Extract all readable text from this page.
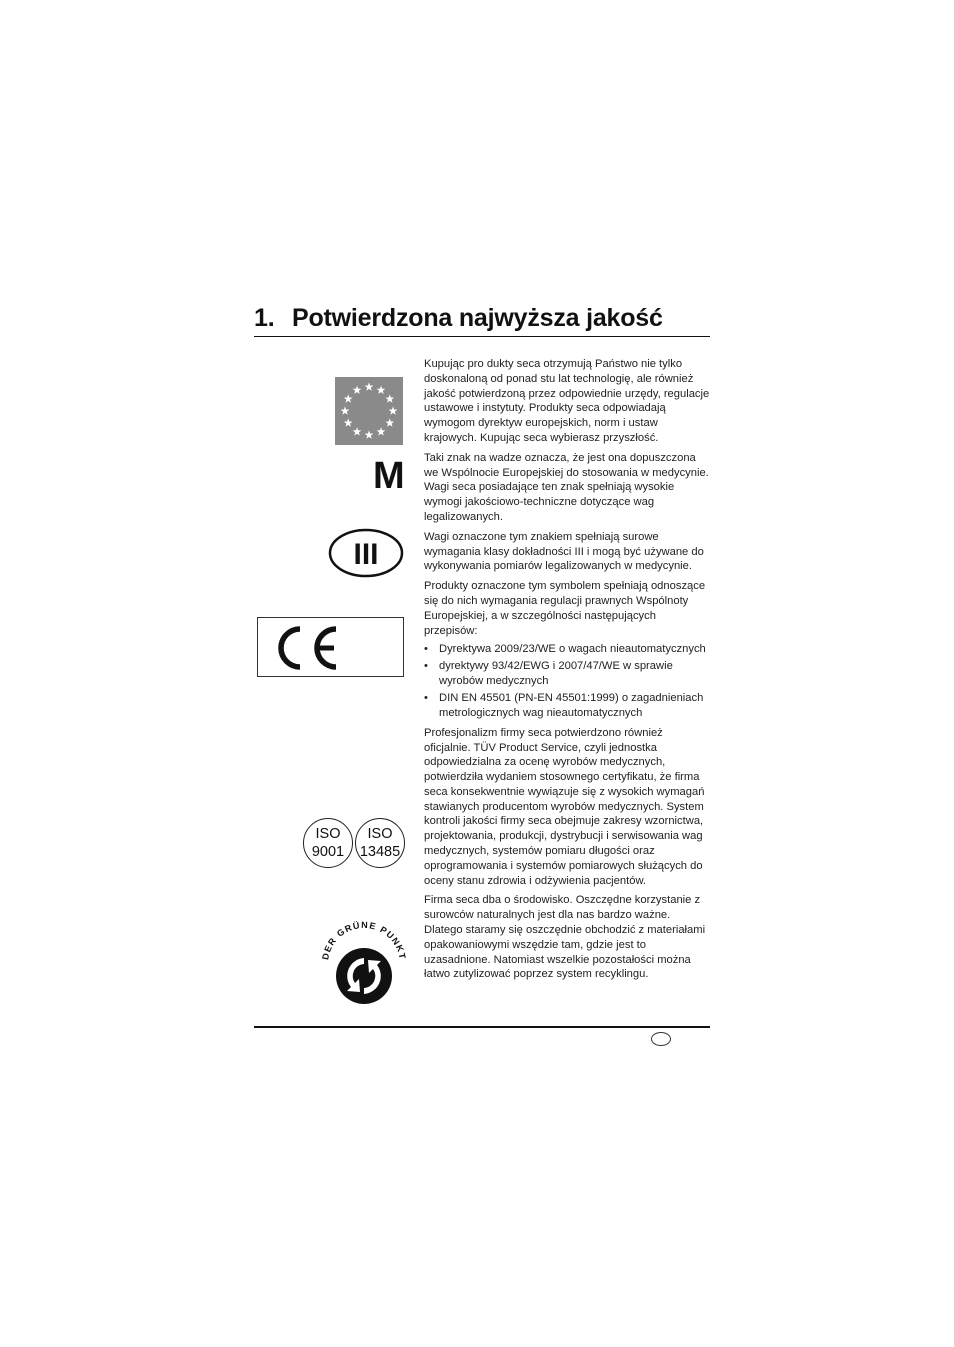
1. Potwierdzona najwyższa jakość
M
III
ISO
9001
ISO
13485
DER GRÜNE PUNKT

Kupując pro dukty seca otrzymują Państwo nie tylko doskonaloną od ponad stu lat technologię, ale również jakość potwierdzoną przez odpowiednie urzędy, regulacje ustawowe i instytuty. Produkty seca odpowiadają wymogom dyrektyw europejskich, norm i ustaw krajowych. Kupując seca wybierasz przyszłość.

Taki znak na wadze oznacza, że jest ona dopuszczona we Wspólnocie Europejskiej do stosowania w medycynie. Wagi seca posiadające ten znak spełniają wysokie wymogi jakościowo-techniczne dotyczące wag legalizowanych.

Wagi oznaczone tym znakiem spełniają surowe wymagania klasy dokładności III i mogą być używane do wykonywania pomiarów legalizowanych w medycynie.

Produkty oznaczone tym symbolem spełniają odnoszące się do nich wymagania regulacji prawnych Wspólnoty Europejskiej, a w szczególności następujących przepisów:

• Dyrektywa 2009/23/WE o wagach nieautomatycznych
• dyrektywy 93/42/EWG i 2007/47/WE w sprawie wyrobów medycznych
• DIN EN 45501 (PN-EN 45501:1999) o zagadnieniach metrologicznych wag nieautomatycznych

Profesjonalizm firmy seca potwierdzono również oficjalnie. TÜV Product Service, czyli jednostka odpowiedzialna za ocenę wyrobów medycznych, potwierdziła wydaniem stosownego certyfikatu, że firma seca konsekwentnie wywiązuje się z wysokich wymagań stawianych producentom wyrobów medycznych. System kontroli jakości firmy seca obejmuje zakresy wzornictwa, projektowania, produkcji, dystrybucji i serwisowania wag medycznych, systemów pomiaru długości oraz oprogramowania i systemów pomiarowych służących do oceny stanu zdrowia i odżywienia pacjentów.

Firma seca dba o środowisko. Oszczędne korzystanie z surowców naturalnych jest dla nas bardzo ważne. Dlatego staramy się oszczędnie obchodzić z materiałami opakowaniowymi wszędzie tam, gdzie jest to uzasadnione. Natomiast wszelkie pozostałości można łatwo zutylizować poprzez system recyklingu.
